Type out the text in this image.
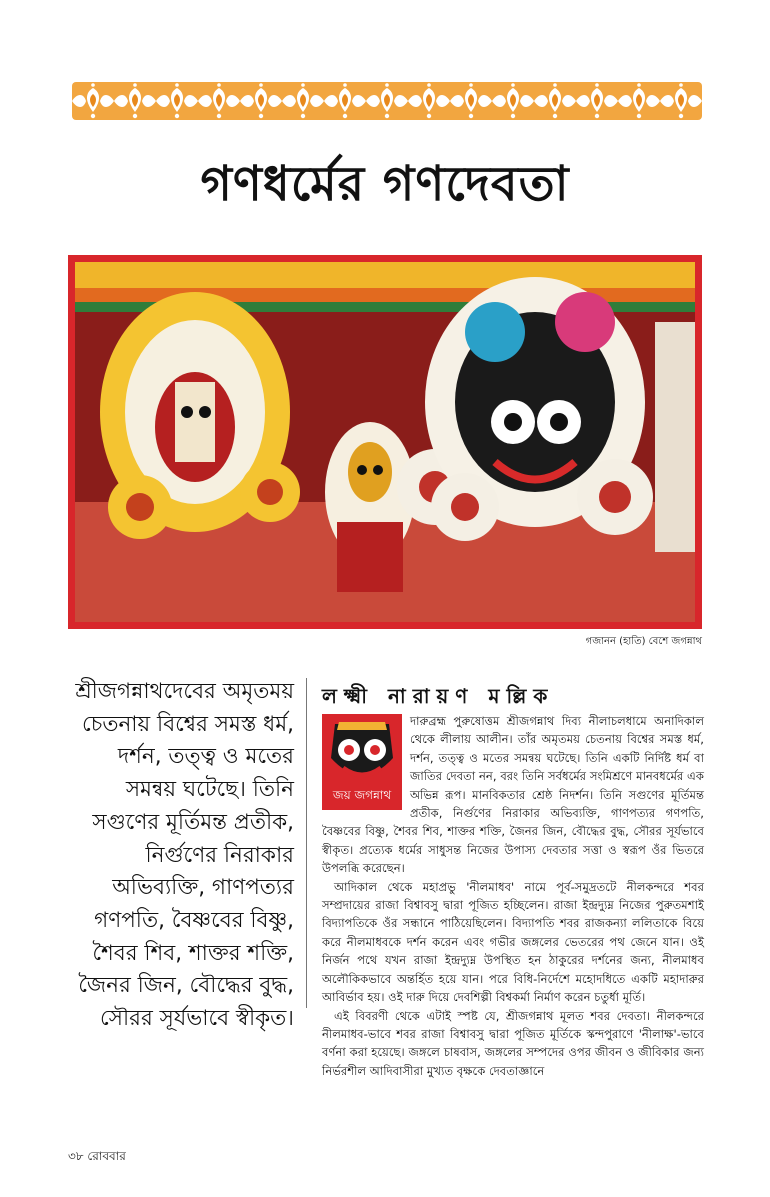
গণধর্মের গণদেবতা
গজানন (হাতি) বেশে জগন্নাথ
শ্রীজগন্নাথদেবের অমৃতময় চেতনায় বিশ্বের সমস্ত ধর্ম, দর্শন, তত্ত্ব ও মতের সমন্বয় ঘটেছে। তিনি সগুণের মূর্তিমন্ত প্রতীক, নির্গুণের নিরাকার অভিব্যক্তি, গাণপত্যর গণপতি, বৈষ্ণবের বিষ্ণু, শৈবর শিব, শাক্তর শক্তি, জৈনর জিন, বৌদ্ধের বুদ্ধ, সৌরর সূর্যভাবে স্বীকৃত।
লক্ষ্মী নারায়ণ মল্লিক
জয় জগন্নাথ

দারুব্রহ্ম পুরুষোত্তম শ্রীজগন্নাথ দিব্য নীলাচলধামে অনাদিকাল থেকে লীলায় আলীন। তাঁর অমৃতময় চেতনায় বিশ্বের সমস্ত ধর্ম, দর্শন, তত্ত্ব ও মতের সমন্বয় ঘটেছে। তিনি একটি নির্দিষ্ট ধর্ম বা জাতির দেবতা নন, বরং তিনি সর্বধর্মের সংমিশ্রণে মানবধর্মের এক অভিন্ন রূপ। মানবিকতার শ্রেষ্ঠ নিদর্শন। তিনি সগুণের মূর্তিমন্ত প্রতীক, নির্গুণের নিরাকার অভিব্যক্তি, গাণপত্যর গণপতি, বৈষ্ণবের বিষ্ণু, শৈবর শিব, শাক্তর শক্তি, জৈনর জিন, বৌদ্ধের বুদ্ধ, সৌরর সূর্যভাবে স্বীকৃত। প্রত্যেক ধর্মের সাধুসন্ত নিজের উপাস্য দেবতার সত্তা ও স্বরূপ ওঁর ভিতরে উপলব্ধি করেছেন।

আদিকাল থেকে মহাপ্রভু 'নীলমাধব' নামে পূর্ব-সমুদ্রতটে নীলকন্দরে শবর সম্প্রদায়ের রাজা বিশ্বাবসু দ্বারা পূজিত হচ্ছিলেন। রাজা ইন্দ্রদ্যুম্ন নিজের পুরুতমশাই বিদ্যাপতিকে ওঁর সন্ধানে পাঠিয়েছিলেন। বিদ্যাপতি শবর রাজকন্যা ললিতাকে বিয়ে করে নীলমাধবকে দর্শন করেন এবং গভীর জঙ্গলের ভেতরের পথ জেনে যান। ওই নির্জন পথে যখন রাজা ইন্দ্রদ্যুম্ন উপস্থিত হন ঠাকুরের দর্শনের জন্য, নীলমাধব অলৌকিকভাবে অন্তর্হিত হয়ে যান। পরে বিধি-নির্দেশে মহোদধিতে একটি মহাদারুর আবির্ভাব হয়। ওই দারু দিয়ে দেবশিল্পী বিশ্বকর্মা নির্মাণ করেন চতুর্ধা মূর্তি।

এই বিবরণী থেকে এটাই স্পষ্ট যে, শ্রীজগন্নাথ মূলত শবর দেবতা। নীলকন্দরে নীলমাধব-ভাবে শবর রাজা বিশ্বাবসু দ্বারা পূজিত মূর্তিকে স্কন্দপুরাণে 'নীলাক্ষ'-ভাবে বর্ণনা করা হয়েছে। জঙ্গলে চাষবাস, জঙ্গলের সম্পদের ওপর জীবন ও জীবিকার জন্য নির্ভরশীল আদিবাসীরা মুখ্যত বৃক্ষকে দেবতাজ্ঞানে

৩৮ রোববার
